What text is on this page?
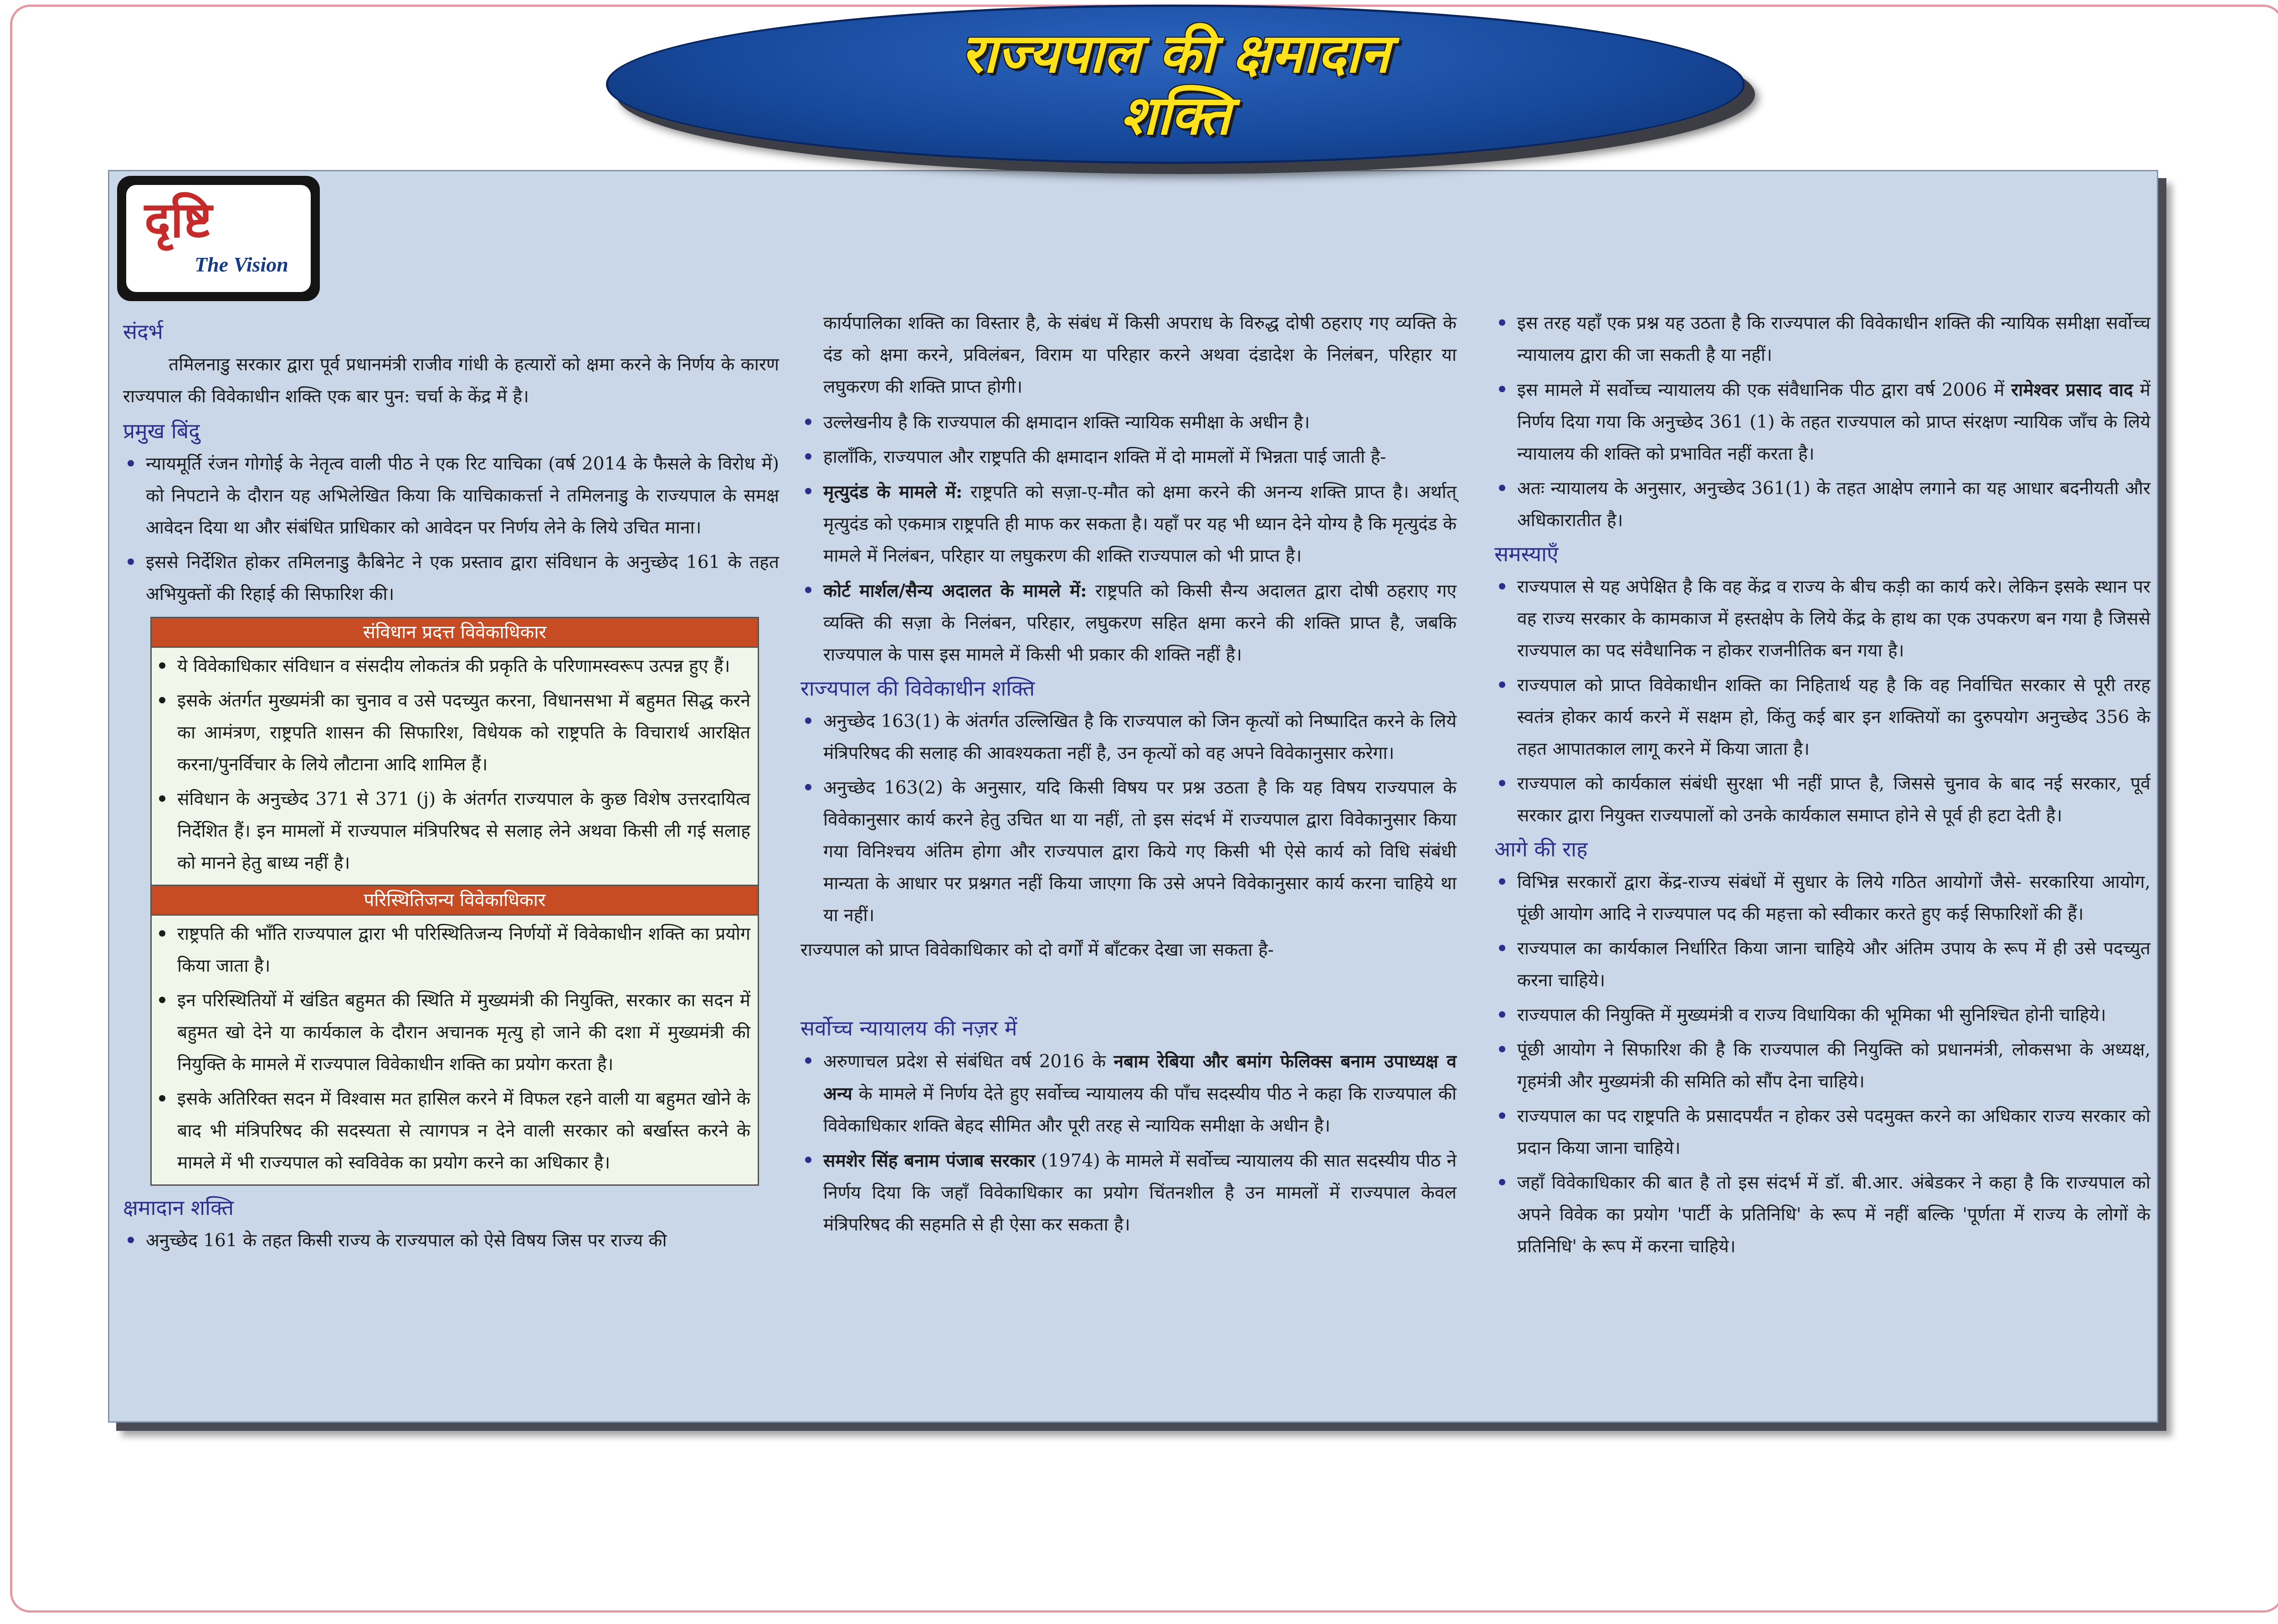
राज्यपाल की क्षमादान
शक्ति
दृष्टि
The Vision
संदर्भ
तमिलनाडु सरकार द्वारा पूर्व प्रधानमंत्री राजीव गांधी के हत्यारों को क्षमा करने के निर्णय के कारण राज्यपाल की विवेकाधीन शक्ति एक बार पुन: चर्चा के केंद्र में है।
प्रमुख बिंदु
न्यायमूर्ति रंजन गोगोई के नेतृत्व वाली पीठ ने एक रिट याचिका (वर्ष 2014 के फैसले के विरोध में) को निपटाने के दौरान यह अभिलेखित किया कि याचिकाकर्त्ता ने तमिलनाडु के राज्यपाल के समक्ष आवेदन दिया था और संबंधित प्राधिकार को आवेदन पर निर्णय लेने के लिये उचित माना।
इससे निर्देशित होकर तमिलनाडु कैबिनेट ने एक प्रस्ताव द्वारा संविधान के अनुच्छेद 161 के तहत अभियुक्तों की रिहाई की सिफारिश की।
संविधान प्रदत्त विवेकाधिकार
ये विवेकाधिकार संविधान व संसदीय लोकतंत्र की प्रकृति के परिणामस्वरूप उत्पन्न हुए हैं।
इसके अंतर्गत मुख्यमंत्री का चुनाव व उसे पदच्युत करना, विधानसभा में बहुमत सिद्ध करने का आमंत्रण, राष्ट्रपति शासन की सिफारिश, विधेयक को राष्ट्रपति के विचारार्थ आरक्षित करना/पुनर्विचार के लिये लौटाना आदि शामिल हैं।
संविधान के अनुच्छेद 371 से 371 (j) के अंतर्गत राज्यपाल के कुछ विशेष उत्तरदायित्व निर्देशित हैं। इन मामलों में राज्यपाल मंत्रिपरिषद से सलाह लेने अथवा किसी ली गई सलाह को मानने हेतु बाध्य नहीं है।
परिस्थितिजन्य विवेकाधिकार
राष्ट्रपति की भाँति राज्यपाल द्वारा भी परिस्थितिजन्य निर्णयों में विवेकाधीन शक्ति का प्रयोग किया जाता है।
इन परिस्थितियों में खंडित बहुमत की स्थिति में मुख्यमंत्री की नियुक्ति, सरकार का सदन में बहुमत खो देने या कार्यकाल के दौरान अचानक मृत्यु हो जाने की दशा में मुख्यमंत्री की नियुक्ति के मामले में राज्यपाल विवेकाधीन शक्ति का प्रयोग करता है।
इसके अतिरिक्त सदन में विश्वास मत हासिल करने में विफल रहने वाली या बहुमत खोने के बाद भी मंत्रिपरिषद की सदस्यता से त्यागपत्र न देने वाली सरकार को बर्खास्त करने के मामले में भी राज्यपाल को स्वविवेक का प्रयोग करने का अधिकार है।
क्षमादान शक्ति
अनुच्छेद 161 के तहत किसी राज्य के राज्यपाल को ऐसे विषय जिस पर राज्य की
कार्यपालिका शक्ति का विस्तार है, के संबंध में किसी अपराध के विरुद्ध दोषी ठहराए गए व्यक्ति के दंड को क्षमा करने, प्रविलंबन, विराम या परिहार करने अथवा दंडादेश के निलंबन, परिहार या लघुकरण की शक्ति प्राप्त होगी।
उल्लेखनीय है कि राज्यपाल की क्षमादान शक्ति न्यायिक समीक्षा के अधीन है।
हालाँकि, राज्यपाल और राष्ट्रपति की क्षमादान शक्ति में दो मामलों में भिन्नता पाई जाती है-
मृत्युदंड के मामले में: राष्ट्रपति को सज़ा-ए-मौत को क्षमा करने की अनन्य शक्ति प्राप्त है। अर्थात् मृत्युदंड को एकमात्र राष्ट्रपति ही माफ कर सकता है। यहाँ पर यह भी ध्यान देने योग्य है कि मृत्युदंड के मामले में निलंबन, परिहार या लघुकरण की शक्ति राज्यपाल को भी प्राप्त है।
कोर्ट मार्शल/सैन्य अदालत के मामले में: राष्ट्रपति को किसी सैन्य अदालत द्वारा दोषी ठहराए गए व्यक्ति की सज़ा के निलंबन, परिहार, लघुकरण सहित क्षमा करने की शक्ति प्राप्त है, जबकि राज्यपाल के पास इस मामले में किसी भी प्रकार की शक्ति नहीं है।
राज्यपाल की विवेकाधीन शक्ति
अनुच्छेद 163(1) के अंतर्गत उल्लिखित है कि राज्यपाल को जिन कृत्यों को निष्पादित करने के लिये मंत्रिपरिषद की सलाह की आवश्यकता नहीं है, उन कृत्यों को वह अपने विवेकानुसार करेगा।
अनुच्छेद 163(2) के अनुसार, यदि किसी विषय पर प्रश्न उठता है कि यह विषय राज्यपाल के विवेकानुसार कार्य करने हेतु उचित था या नहीं, तो इस संदर्भ में राज्यपाल द्वारा विवेकानुसार किया गया विनिश्चय अंतिम होगा और राज्यपाल द्वारा किये गए किसी भी ऐसे कार्य को विधि संबंधी मान्यता के आधार पर प्रश्नगत नहीं किया जाएगा कि उसे अपने विवेकानुसार कार्य करना चाहिये था या नहीं।
राज्यपाल को प्राप्त विवेकाधिकार को दो वर्गों में बाँटकर देखा जा सकता है-
सर्वोच्च न्यायालय की नज़र में
अरुणाचल प्रदेश से संबंधित वर्ष 2016 के नबाम रेबिया और बमांग फेलिक्स बनाम उपाध्यक्ष व अन्य के मामले में निर्णय देते हुए सर्वोच्च न्यायालय की पाँच सदस्यीय पीठ ने कहा कि राज्यपाल की विवेकाधिकार शक्ति बेहद सीमित और पूरी तरह से न्यायिक समीक्षा के अधीन है।
समशेर सिंह बनाम पंजाब सरकार (1974) के मामले में सर्वोच्च न्यायालय की सात सदस्यीय पीठ ने निर्णय दिया कि जहाँ विवेकाधिकार का प्रयोग चिंतनशील है उन मामलों में राज्यपाल केवल मंत्रिपरिषद की सहमति से ही ऐसा कर सकता है।
इस तरह यहाँ एक प्रश्न यह उठता है कि राज्यपाल की विवेकाधीन शक्ति की न्यायिक समीक्षा सर्वोच्च न्यायालय द्वारा की जा सकती है या नहीं।
इस मामले में सर्वोच्च न्यायालय की एक संवैधानिक पीठ द्वारा वर्ष 2006 में रामेश्वर प्रसाद वाद में निर्णय दिया गया कि अनुच्छेद 361 (1) के तहत राज्यपाल को प्राप्त संरक्षण न्यायिक जाँच के लिये न्यायालय की शक्ति को प्रभावित नहीं करता है।
अतः न्यायालय के अनुसार, अनुच्छेद 361(1) के तहत आक्षेप लगाने का यह आधार बदनीयती और अधिकारातीत है।
समस्याएँ
राज्यपाल से यह अपेक्षित है कि वह केंद्र व राज्य के बीच कड़ी का कार्य करे। लेकिन इसके स्थान पर वह राज्य सरकार के कामकाज में हस्तक्षेप के लिये केंद्र के हाथ का एक उपकरण बन गया है जिससे राज्यपाल का पद संवैधानिक न होकर राजनीतिक बन गया है।
राज्यपाल को प्राप्त विवेकाधीन शक्ति का निहितार्थ यह है कि वह निर्वाचित सरकार से पूरी तरह स्वतंत्र होकर कार्य करने में सक्षम हो, किंतु कई बार इन शक्तियों का दुरुपयोग अनुच्छेद 356 के तहत आपातकाल लागू करने में किया जाता है।
राज्यपाल को कार्यकाल संबंधी सुरक्षा भी नहीं प्राप्त है, जिससे चुनाव के बाद नई सरकार, पूर्व सरकार द्वारा नियुक्त राज्यपालों को उनके कार्यकाल समाप्त होने से पूर्व ही हटा देती है।
आगे की राह
विभिन्न सरकारों द्वारा केंद्र-राज्य संबंधों में सुधार के लिये गठित आयोगों जैसे- सरकारिया आयोग, पूंछी आयोग आदि ने राज्यपाल पद की महत्ता को स्वीकार करते हुए कई सिफारिशों की हैं।
राज्यपाल का कार्यकाल निर्धारित किया जाना चाहिये और अंतिम उपाय के रूप में ही उसे पदच्युत करना चाहिये।
राज्यपाल की नियुक्ति में मुख्यमंत्री व राज्य विधायिका की भूमिका भी सुनिश्चित होनी चाहिये।
पूंछी आयोग ने सिफारिश की है कि राज्यपाल की नियुक्ति को प्रधानमंत्री, लोकसभा के अध्यक्ष, गृहमंत्री और मुख्यमंत्री की समिति को सौंप देना चाहिये।
राज्यपाल का पद राष्ट्रपति के प्रसादपर्यंत न होकर उसे पदमुक्त करने का अधिकार राज्य सरकार को प्रदान किया जाना चाहिये।
जहाँ विवेकाधिकार की बात है तो इस संदर्भ में डॉ. बी.आर. अंबेडकर ने कहा है कि राज्यपाल को अपने विवेक का प्रयोग 'पार्टी के प्रतिनिधि' के रूप में नहीं बल्कि 'पूर्णता में राज्य के लोगों के प्रतिनिधि' के रूप में करना चाहिये।
